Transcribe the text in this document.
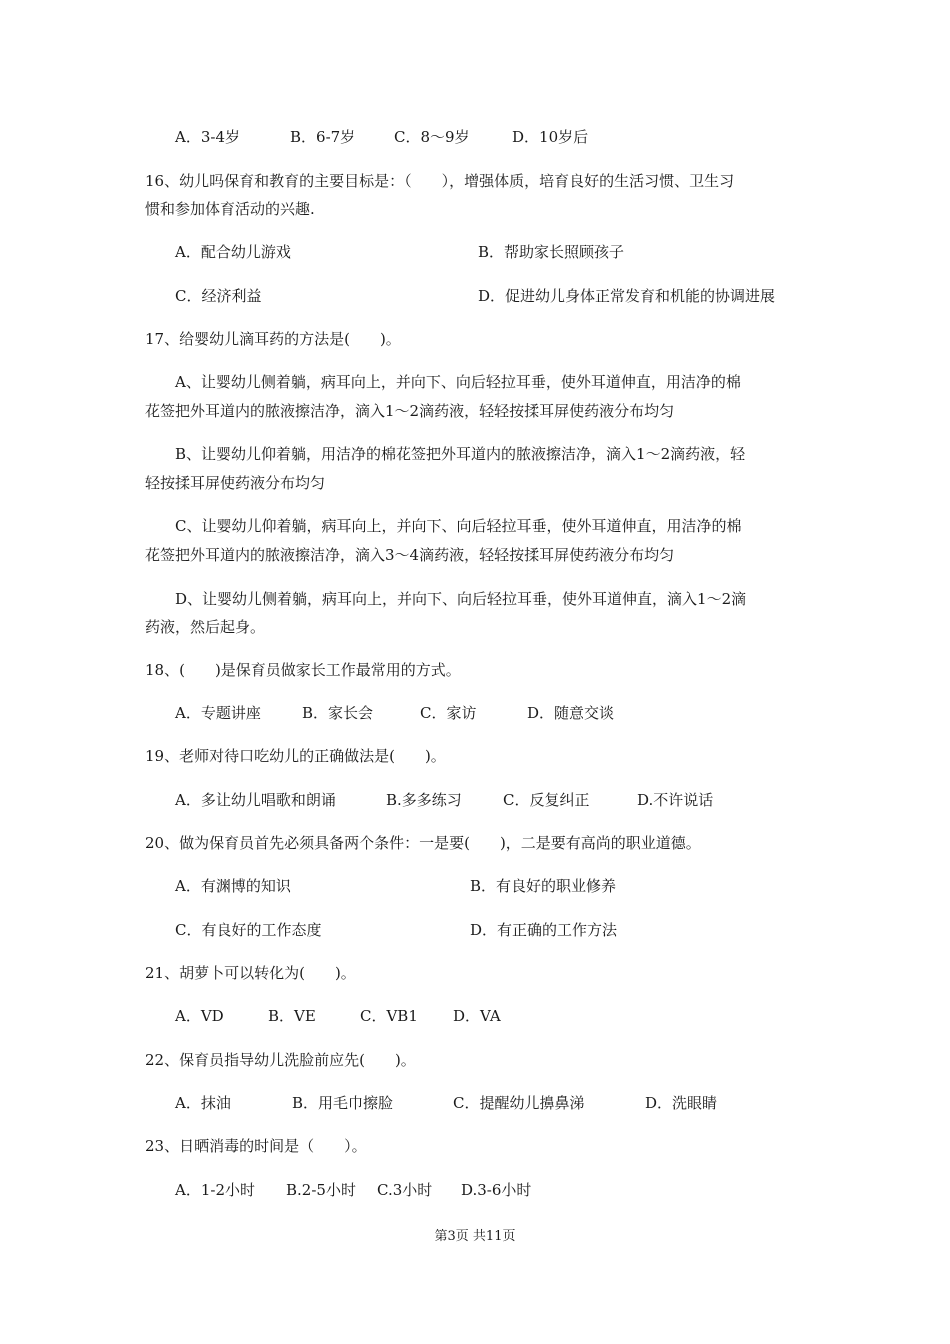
A．3-4岁	B．6-7岁	C．8～9岁	D．10岁后
16、幼儿吗保育和教育的主要目标是：（　　），增强体质，培育良好的生活习惯、卫生习
惯和参加体育活动的兴趣.
A．配合幼儿游戏	B．帮助家长照顾孩子
C．经济利益	D．促进幼儿身体正常发育和机能的协调进展
17、给婴幼儿滴耳药的方法是(　　)。
A、让婴幼儿侧着躺，病耳向上，并向下、向后轻拉耳垂，使外耳道伸直，用洁净的棉
花签把外耳道内的脓液擦洁净，滴入1～2滴药液，轻轻按揉耳屏使药液分布均匀
B、让婴幼儿仰着躺，用洁净的棉花签把外耳道内的脓液擦洁净，滴入1～2滴药液，轻
轻按揉耳屏使药液分布均匀
C、让婴幼儿仰着躺，病耳向上，并向下、向后轻拉耳垂，使外耳道伸直，用洁净的棉
花签把外耳道内的脓液擦洁净，滴入3～4滴药液，轻轻按揉耳屏使药液分布均匀
D、让婴幼儿侧着躺，病耳向上，并向下、向后轻拉耳垂，使外耳道伸直，滴入1～2滴
药液，然后起身。
18、(　　)是保育员做家长工作最常用的方式。
A．专题讲座	B．家长会	C．家访	D．随意交谈
19、老师对待口吃幼儿的正确做法是(　　)。
A．多让幼儿唱歌和朗诵	B.多多练习	C．反复纠正	D.不许说话
20、做为保育员首先必须具备两个条件：一是要(　　)，二是要有高尚的职业道德。
A．有渊博的知识	B．有良好的职业修养
C．有良好的工作态度	D．有正确的工作方法
21、胡萝卜可以转化为(　　)。
A．VD	B．VE	C．VB1 D．VA
22、保育员指导幼儿洗脸前应先(　　)。
A．抹油	B．用毛巾擦脸	C．提醒幼儿擤鼻涕	D．洗眼睛
23、日晒消毒的时间是（　　）。
A．1-2小时 B.2-5小时 C.3小时 D.3-6小时
第3页 共11页
